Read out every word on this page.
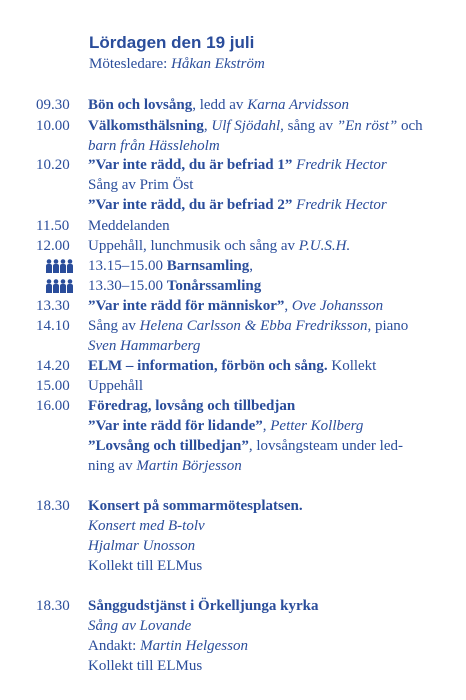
Lördagen den 19 juli
Mötesledare: Håkan Ekström
09.30	Bön och lovsång, ledd av Karna Arvidsson
10.00	Välkomsthälsning, Ulf Sjödahl, sång av ”En röst” och
barn från Hässleholm
10.20	”Var inte rädd, du är befriad 1” Fredrik Hector
Sång av Prim Öst
”Var inte rädd, du är befriad 2” Fredrik Hector
11.50	Meddelanden
12.00	Uppehåll, lunchmusik och sång av P.U.S.H.
13.15–15.00 Barnsamling,
13.30–15.00 Tonårssamling
13.30	”Var inte rädd för människor”, Ove Johansson
14.10	Sång av Helena Carlsson & Ebba Fredriksson, piano
Sven Hammarberg
14.20	ELM – information, förbön och sång. Kollekt
15.00	Uppehåll
16.00	Föredrag, lovsång och tillbedjan
”Var inte rädd för lidande”, Petter Kollberg
”Lovsång och tillbedjan”, lovsångsteam under led-
ning av Martin Börjesson
18.30	Konsert på sommarmötesplatsen.
Konsert med B-tolv
Hjalmar Unosson
Kollekt till ELMus
18.30	Sånggudstjänst i Örkelljunga kyrka
Sång av Lovande
Andakt: Martin Helgesson
Kollekt till ELMus
